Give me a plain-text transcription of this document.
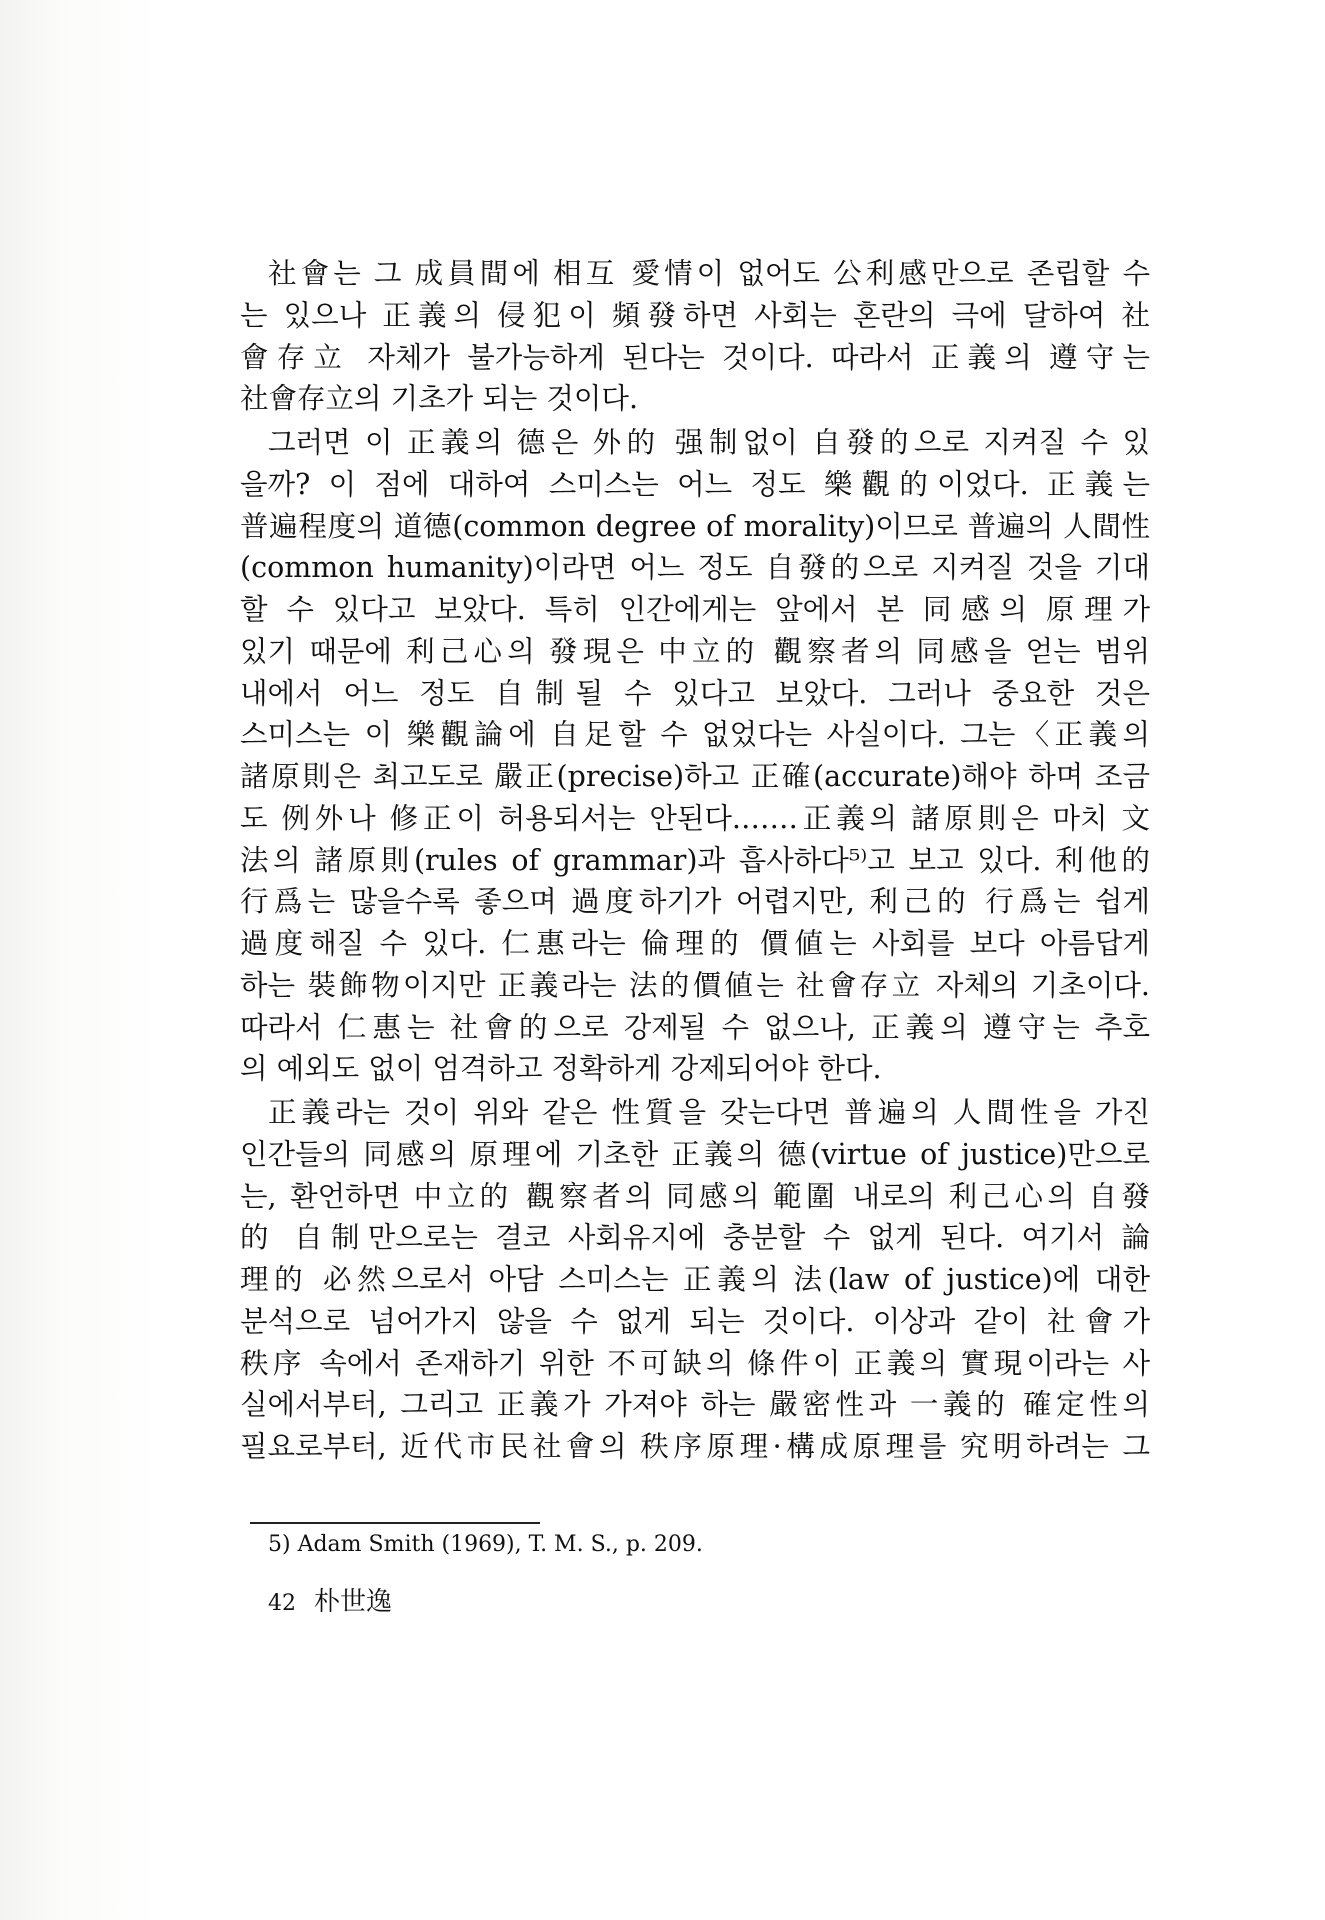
社會는 그 成員間에 相互 愛情이 없어도 公利感만으로 존립할 수
는 있으나 正義의 侵犯이 頻發하면 사회는 혼란의 극에 달하여 社
會存立 자체가 불가능하게 된다는 것이다. 따라서 正義의 遵守는
社會存立의 기초가 되는 것이다.
그러면 이 正義의 德은 外的 强制없이 自發的으로 지켜질 수 있
을까? 이 점에 대하여 스미스는 어느 정도 樂觀的이었다. 正義는
普遍程度의 道德(common degree of morality)이므로 普遍의 人間性
(common humanity)이라면 어느 정도 自發的으로 지켜질 것을 기대
할 수 있다고 보았다. 특히 인간에게는 앞에서 본 同感의 原理가
있기 때문에 利己心의 發現은 中立的 觀察者의 同感을 얻는 범위
내에서 어느 정도 自制될 수 있다고 보았다. 그러나 중요한 것은
스미스는 이 樂觀論에 自足할 수 없었다는 사실이다. 그는〈正義의
諸原則은 최고도로 嚴正(precise)하고 正確(accurate)해야 하며 조금
도 例外나 修正이 허용되서는 안된다.……正義의 諸原則은 마치 文
法의 諸原則(rules of grammar)과 흡사하다⁵⁾고 보고 있다. 利他的
行爲는 많을수록 좋으며 過度하기가 어렵지만, 利己的 行爲는 쉽게
過度해질 수 있다. 仁惠라는 倫理的 價値는 사회를 보다 아름답게
하는 裝飾物이지만 正義라는 法的價値는 社會存立 자체의 기초이다.
따라서 仁惠는 社會的으로 강제될 수 없으나, 正義의 遵守는 추호
의 예외도 없이 엄격하고 정확하게 강제되어야 한다.
正義라는 것이 위와 같은 性質을 갖는다면 普遍의 人間性을 가진
인간들의 同感의 原理에 기초한 正義의 德(virtue of justice)만으로
는, 환언하면 中立的 觀察者의 同感의 範圍 내로의 利己心의 自發
的 自制만으로는 결코 사회유지에 충분할 수 없게 된다. 여기서 論
理的 必然으로서 아담 스미스는 正義의 法(law of justice)에 대한
분석으로 넘어가지 않을 수 없게 되는 것이다. 이상과 같이 社會가
秩序 속에서 존재하기 위한 不可缺의 條件이 正義의 實現이라는 사
실에서부터, 그리고 正義가 가져야 하는 嚴密性과 一義的 確定性의
필요로부터, 近代市民社會의 秩序原理·構成原理를 究明하려는 그
5) Adam Smith (1969), T. M. S., p. 209.
42 朴世逸
